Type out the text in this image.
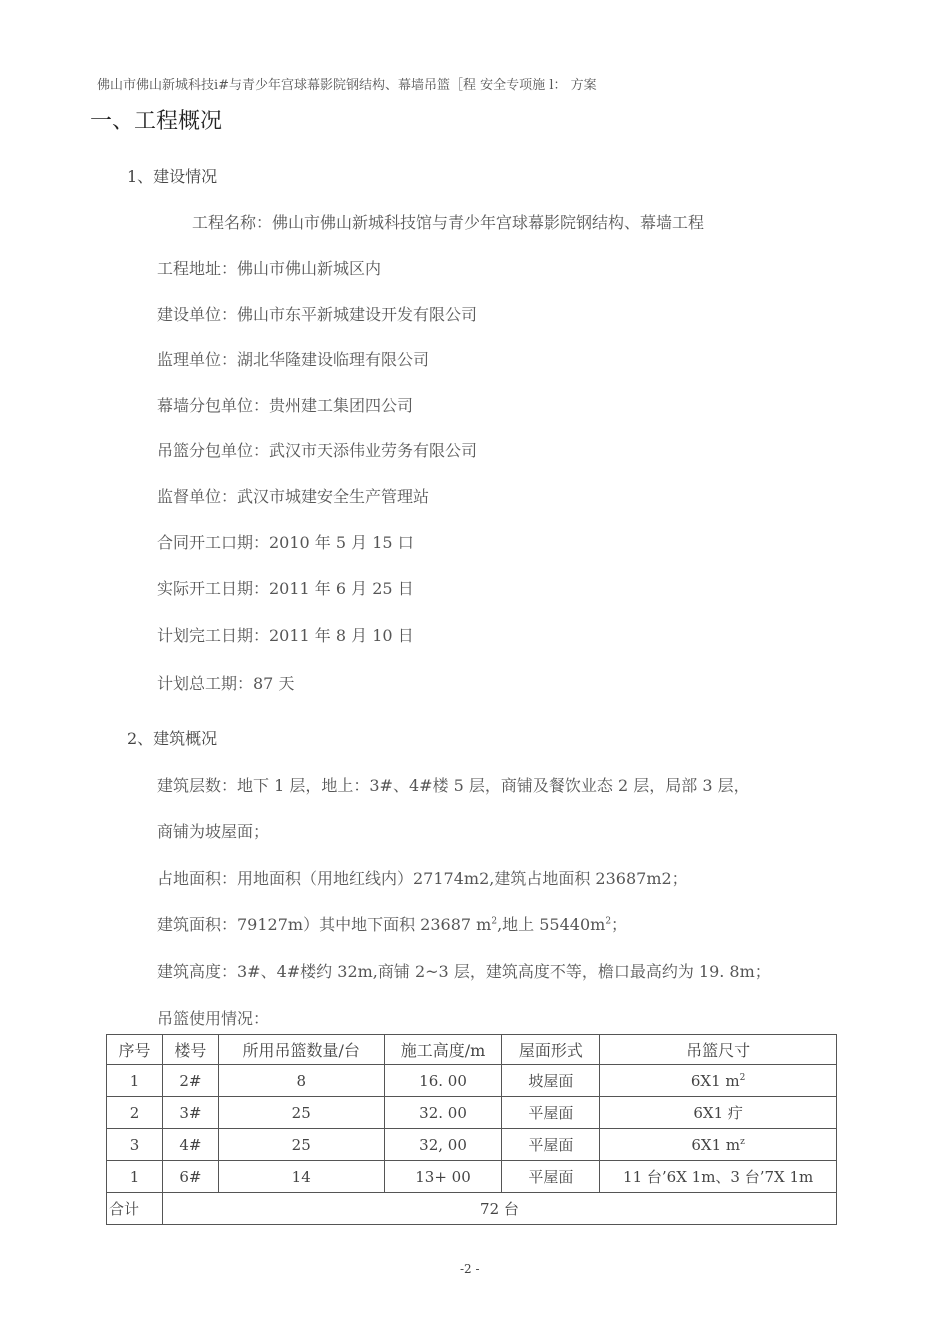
佛山市佛山新城科技i#与青少年宫球幕影院钢结构、幕墙吊篮［程 安全专项施 l： 方案
一、工程概况
1、建设情况
工程名称：佛山市佛山新城科技馆与青少年宫球幕影院钢结构、幕墙工程
工程地址：佛山市佛山新城区内
建设单位：佛山市东平新城建设开发有限公司
监理单位：湖北华隆建设临理有限公司
幕墙分包单位：贵州建工集团四公司
吊篮分包单位：武汉市天添伟业劳务有限公司
监督单位：武汉市城建安全生产管理站
合同开工口期：2010 年 5 月 15 口
实际开工日期：2011 年 6 月 25 日
计划完工日期：2011 年 8 月 10 日
计划总工期：87 天
2、建筑概况
建筑层数：地下 1 层，地上：3#、4#楼 5 层，商铺及餐饮业态 2 层，局部 3 层，
商铺为坡屋面；
占地面积：用地面积（用地红线内）27174m2,建筑占地面积 23687m2；
建筑面积：79127m）其中地下面积 23687 $m^2$,地上 $55440m^2$；
建筑高度：3#、4#楼约 32m,商铺 2~3 层，建筑高度不等，檐口最高约为 19. 8m；
吊篮使用情况：
序号	楼号	所用吊篮数量/台	施工高度/m	屋面形式	吊篮尺寸
1	2#	8	16. 00	坡屋面	6X1 $m^2$
2	3#	25	32. 00	平屋面	6X1 疔
3	4#	25	32, 00	平屋面	6X1 $m^z$
1	6#	14	13+ 00	平屋面	11 台’6X 1m、3 台’7X 1m
合计	72 台				
-2 -
